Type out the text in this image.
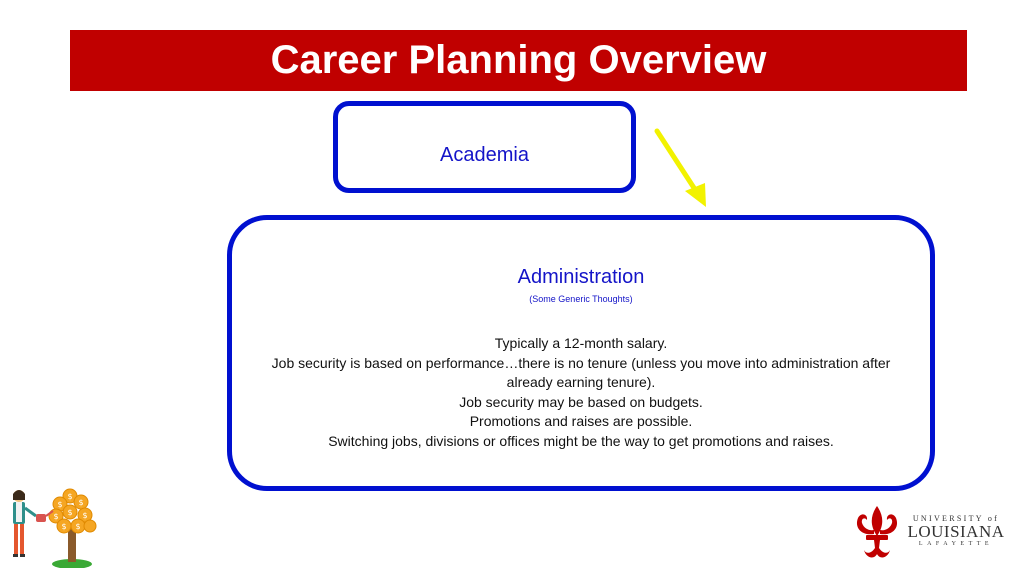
Career Planning Overview
Academia
Administration
(Some Generic Thoughts)
Typically a 12-month salary.
Job security is based on performance…there is no tenure (unless you move into administration after already earning tenure).
Job security may be based on budgets.
Promotions and raises are possible.
Switching jobs, divisions or offices might be the way to get promotions and raises.
$
$ $
$ $ $
$ $
UNIVERSITY of
LOUISIANA
LAFAYETTE
